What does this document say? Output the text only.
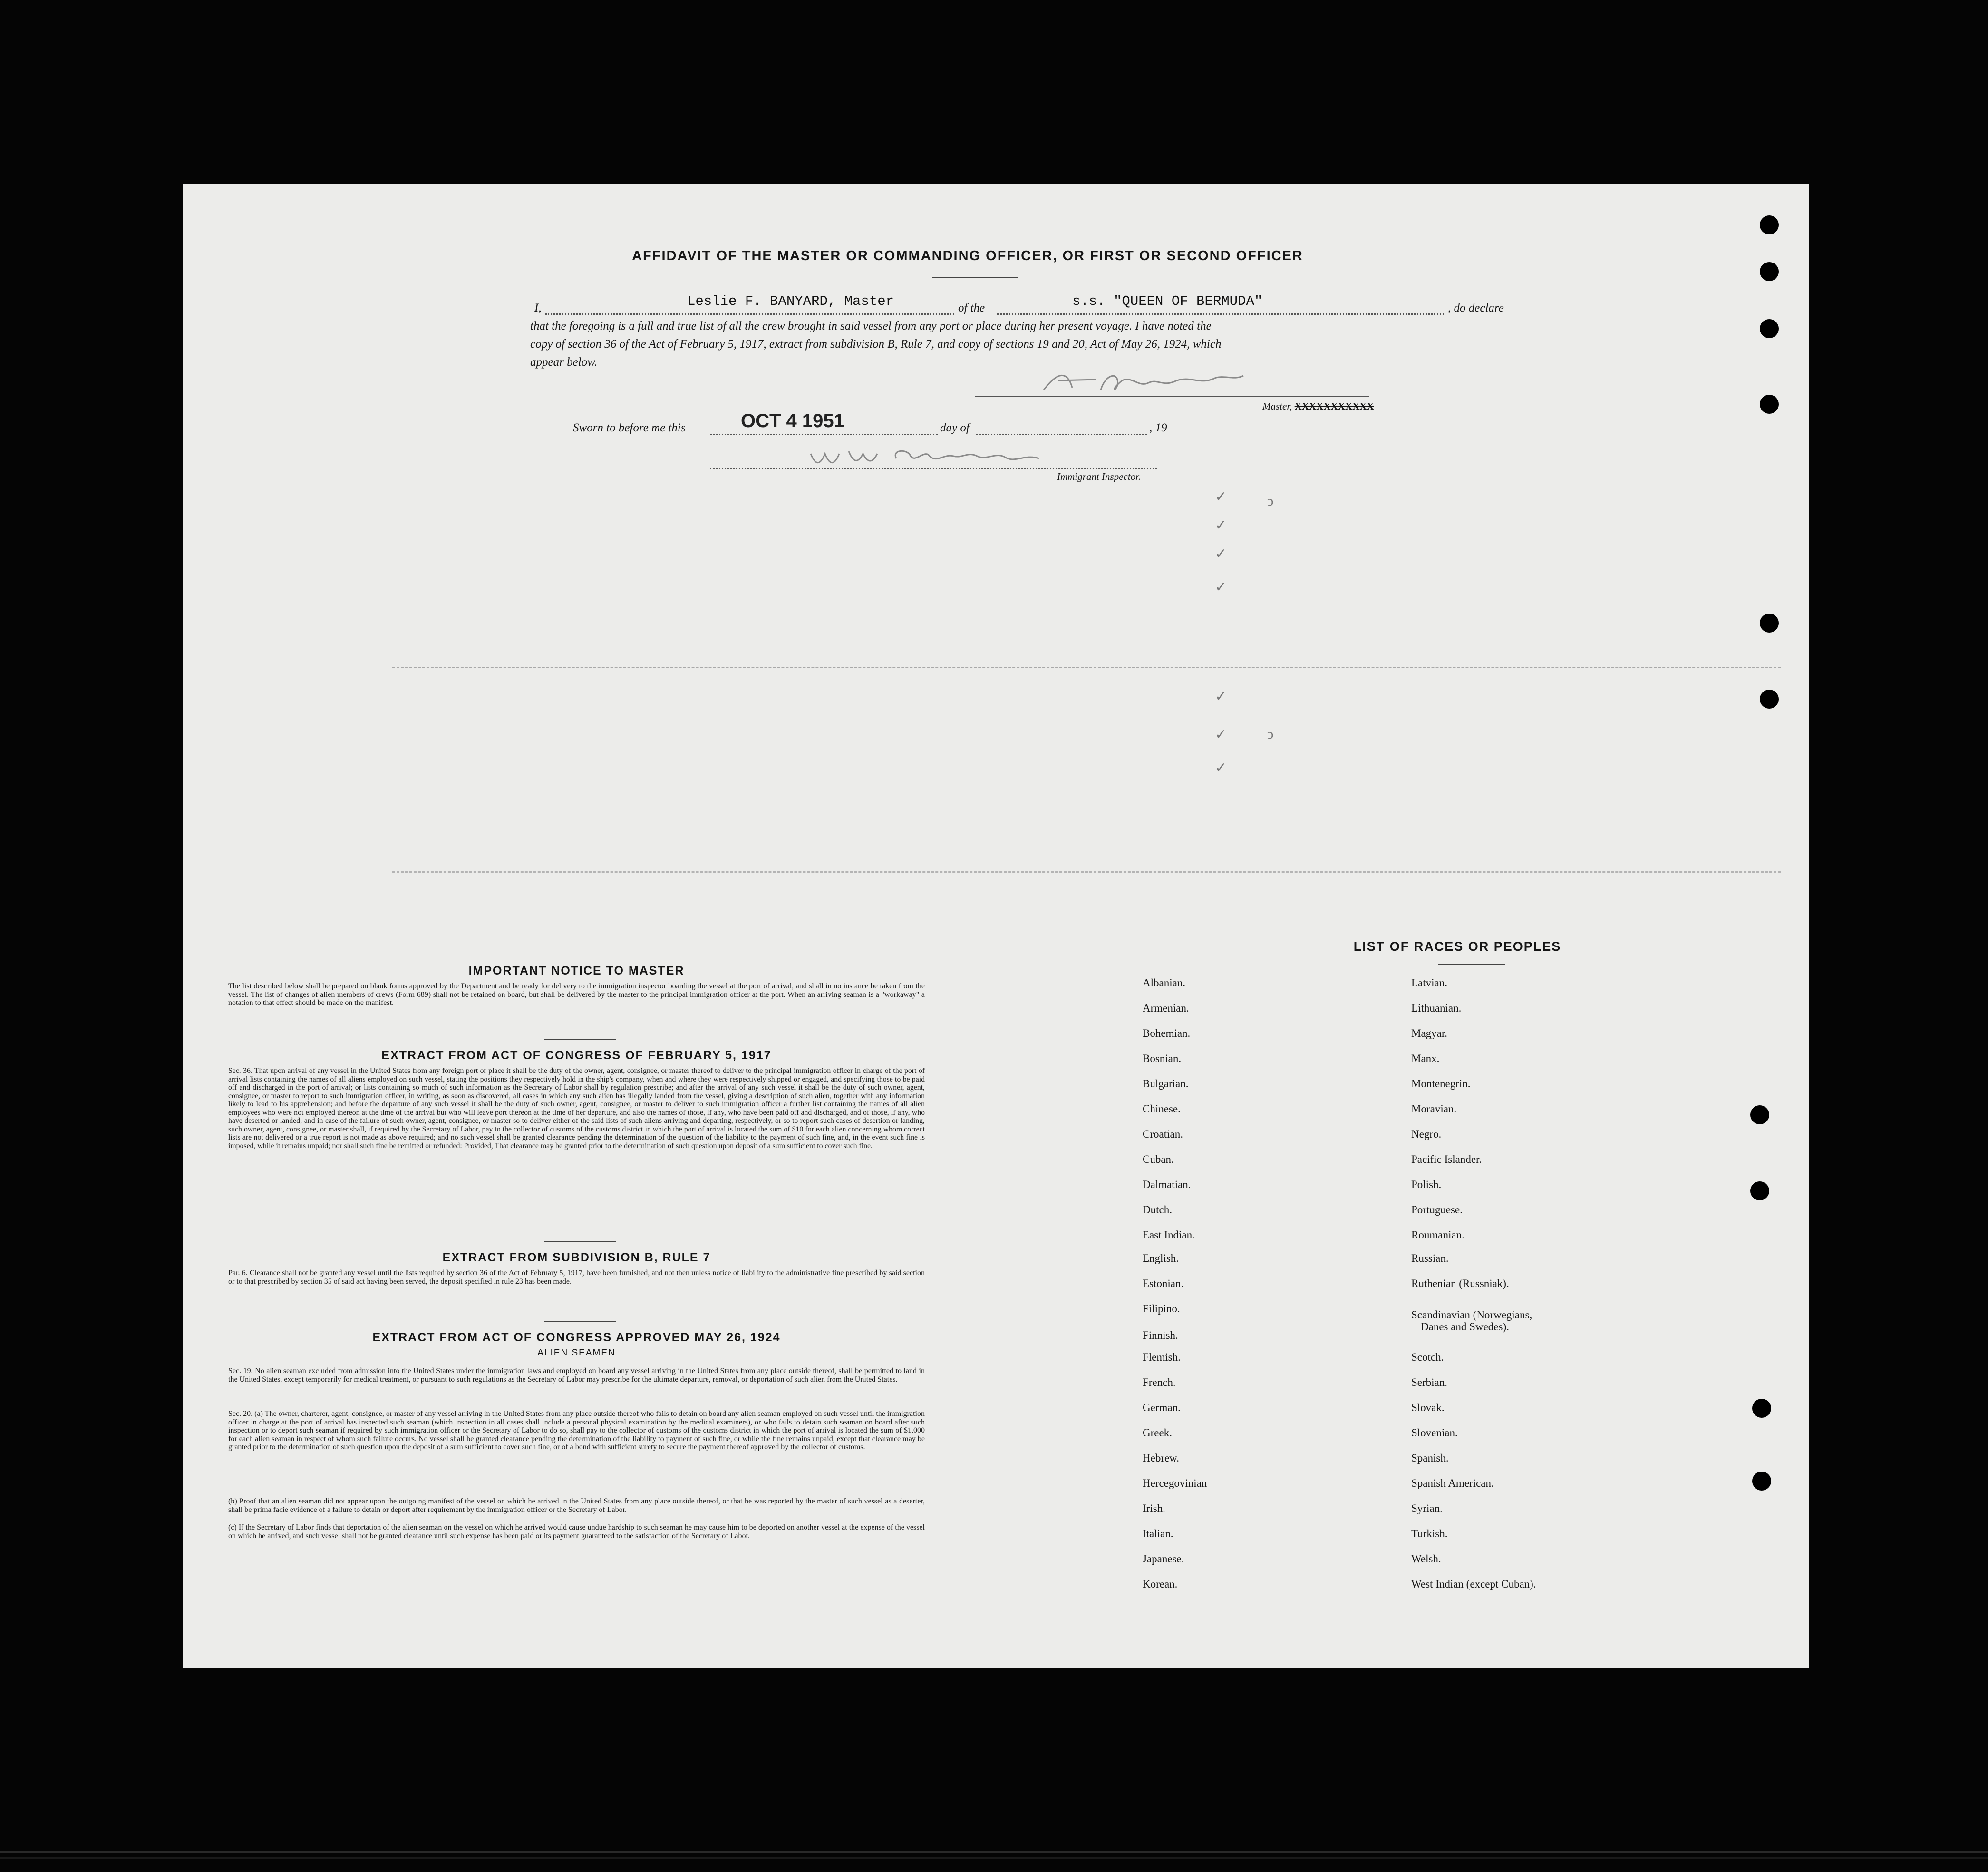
AFFIDAVIT OF THE MASTER OR COMMANDING OFFICER, OR FIRST OR SECOND OFFICER
I,	Leslie F. BANYARD, Master	of the	s.s. "QUEEN OF BERMUDA"	, do declare
that the foregoing is a full and true list of all the crew brought in said vessel from any port or place during her present voyage. I have noted the
copy of section 36 of the Act of February 5, 1917, extract from subdivision B, Rule 7, and copy of sections 19 and 20, Act of May 26, 1924, which
appear below.
Master, XXXXXXXXXXX
Sworn to before me this	OCT 4 1951	day of	, 19
Immigrant Inspector.
✓
✓
✓
✓
✓
✓
✓
ↄ
ↄ
IMPORTANT NOTICE TO MASTER
The list described below shall be prepared on blank forms approved by the Department and be ready for delivery to the immigration inspector boarding the vessel at the port of arrival, and shall in no instance be taken from the vessel. The list of changes of alien members of crews (Form 689) shall not be retained on board, but shall be delivered by the master to the principal immigration officer at the port. When an arriving seaman is a "workaway" a notation to that effect should be made on the manifest.
EXTRACT FROM ACT OF CONGRESS OF FEBRUARY 5, 1917
Sec. 36. That upon arrival of any vessel in the United States from any foreign port or place it shall be the duty of the owner, agent, consignee, or master thereof to deliver to the principal immigration officer in charge of the port of arrival lists containing the names of all aliens employed on such vessel, stating the positions they respectively hold in the ship's company, when and where they were respectively shipped or engaged, and specifying those to be paid off and discharged in the port of arrival; or lists containing so much of such information as the Secretary of Labor shall by regulation prescribe; and after the arrival of any such vessel it shall be the duty of such owner, agent, consignee, or master to report to such immigration officer, in writing, as soon as discovered, all cases in which any such alien has illegally landed from the vessel, giving a description of such alien, together with any information likely to lead to his apprehension; and before the departure of any such vessel it shall be the duty of such owner, agent, consignee, or master to deliver to such immigration officer a further list containing the names of all alien employees who were not employed thereon at the time of the arrival but who will leave port thereon at the time of her departure, and also the names of those, if any, who have been paid off and discharged, and of those, if any, who have deserted or landed; and in case of the failure of such owner, agent, consignee, or master so to deliver either of the said lists of such aliens arriving and departing, respectively, or so to report such cases of desertion or landing, such owner, agent, consignee, or master shall, if required by the Secretary of Labor, pay to the collector of customs of the customs district in which the port of arrival is located the sum of $10 for each alien concerning whom correct lists are not delivered or a true report is not made as above required; and no such vessel shall be granted clearance pending the determination of the question of the liability to the payment of such fine, and, in the event such fine is imposed, while it remains unpaid; nor shall such fine be remitted or refunded: Provided, That clearance may be granted prior to the determination of such question upon deposit of a sum sufficient to cover such fine.
EXTRACT FROM SUBDIVISION B, RULE 7
Par. 6. Clearance shall not be granted any vessel until the lists required by section 36 of the Act of February 5, 1917, have been furnished, and not then unless notice of liability to the administrative fine prescribed by said section or to that prescribed by section 35 of said act having been served, the deposit specified in rule 23 has been made.
EXTRACT FROM ACT OF CONGRESS APPROVED MAY 26, 1924
ALIEN SEAMEN
Sec. 19. No alien seaman excluded from admission into the United States under the immigration laws and employed on board any vessel arriving in the United States from any place outside thereof, shall be permitted to land in the United States, except temporarily for medical treatment, or pursuant to such regulations as the Secretary of Labor may prescribe for the ultimate departure, removal, or deportation of such alien from the United States.
Sec. 20. (a) The owner, charterer, agent, consignee, or master of any vessel arriving in the United States from any place outside thereof who fails to detain on board any alien seaman employed on such vessel until the immigration officer in charge at the port of arrival has inspected such seaman (which inspection in all cases shall include a personal physical examination by the medical examiners), or who fails to detain such seaman on board after such inspection or to deport such seaman if required by such immigration officer or the Secretary of Labor to do so, shall pay to the collector of customs of the customs district in which the port of arrival is located the sum of $1,000 for each alien seaman in respect of whom such failure occurs. No vessel shall be granted clearance pending the determination of the liability to payment of such fine, or while the fine remains unpaid, except that clearance may be granted prior to the determination of such question upon the deposit of a sum sufficient to cover such fine, or of a bond with sufficient surety to secure the payment thereof approved by the collector of customs.
(b) Proof that an alien seaman did not appear upon the outgoing manifest of the vessel on which he arrived in the United States from any place outside thereof, or that he was reported by the master of such vessel as a deserter, shall be prima facie evidence of a failure to detain or deport after requirement by the immigration officer or the Secretary of Labor.
(c) If the Secretary of Labor finds that deportation of the alien seaman on the vessel on which he arrived would cause undue hardship to such seaman he may cause him to be deported on another vessel at the expense of the vessel on which he arrived, and such vessel shall not be granted clearance until such expense has been paid or its payment guaranteed to the satisfaction of the Secretary of Labor.
LIST OF RACES OR PEOPLES
Albanian.
Armenian.
Bohemian.
Bosnian.
Bulgarian.
Chinese.
Croatian.
Cuban.
Dalmatian.
Dutch.
East Indian.
English.
Estonian.
Filipino.
Finnish.
Flemish.
French.
German.
Greek.
Hebrew.
Hercegovinian
Irish.
Italian.
Japanese.
Korean.
Latvian.
Lithuanian.
Magyar.
Manx.
Montenegrin.
Moravian.
Negro.
Pacific Islander.
Polish.
Portuguese.
Roumanian.
Russian.
Ruthenian (Russniak).
Scandinavian (Norwegians,
Danes and Swedes).
Scotch.
Serbian.
Slovak.
Slovenian.
Spanish.
Spanish American.
Syrian.
Turkish.
Welsh.
West Indian (except Cuban).
